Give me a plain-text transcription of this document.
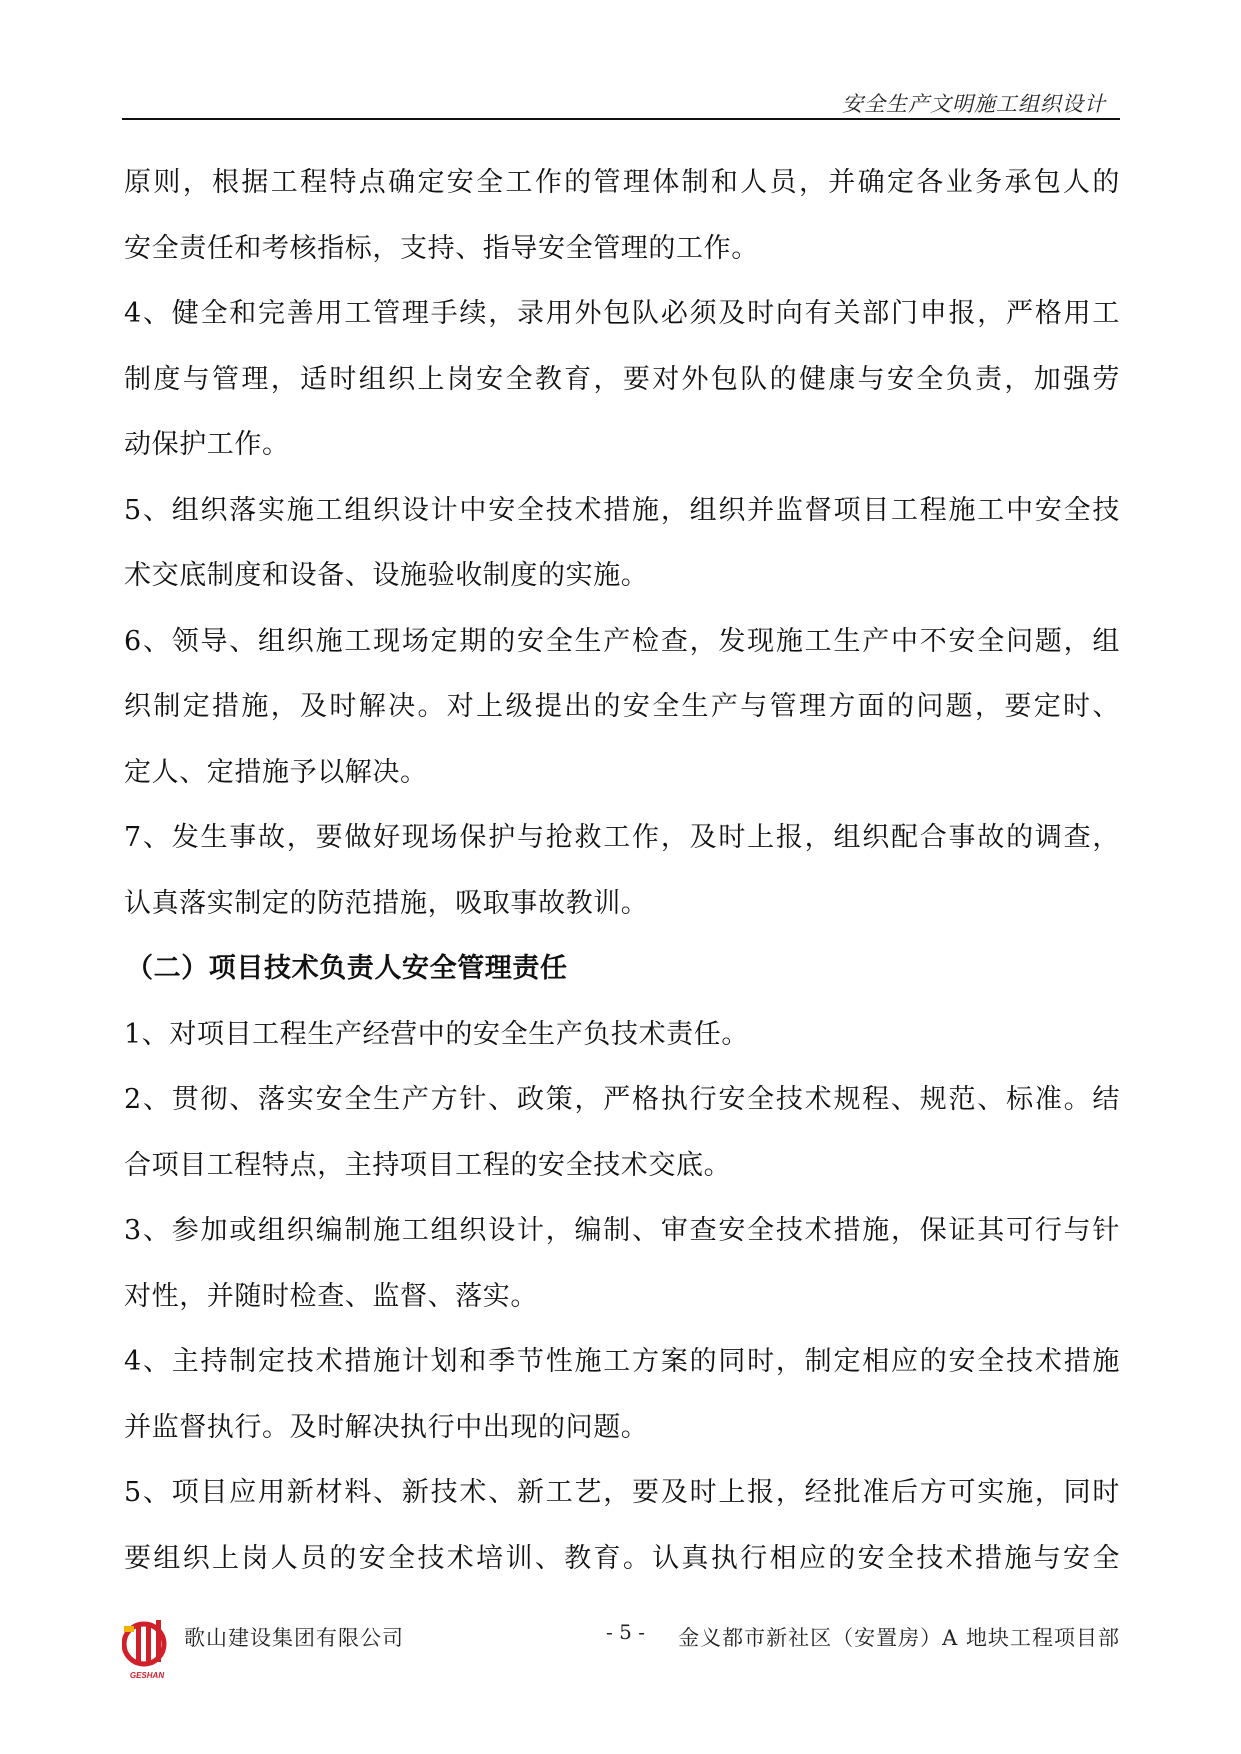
安全生产文明施工组织设计
原则，根据工程特点确定安全工作的管理体制和人员，并确定各业务承包人的
安全责任和考核指标，支持、指导安全管理的工作。
4、健全和完善用工管理手续，录用外包队必须及时向有关部门申报，严格用工
制度与管理，适时组织上岗安全教育，要对外包队的健康与安全负责，加强劳
动保护工作。
5、组织落实施工组织设计中安全技术措施，组织并监督项目工程施工中安全技
术交底制度和设备、设施验收制度的实施。
6、领导、组织施工现场定期的安全生产检查，发现施工生产中不安全问题，组
织制定措施，及时解决。对上级提出的安全生产与管理方面的问题，要定时、
定人、定措施予以解决。
7、发生事故，要做好现场保护与抢救工作，及时上报，组织配合事故的调查，
认真落实制定的防范措施，吸取事故教训。
（二）项目技术负责人安全管理责任
1、对项目工程生产经营中的安全生产负技术责任。
2、贯彻、落实安全生产方针、政策，严格执行安全技术规程、规范、标准。结
合项目工程特点，主持项目工程的安全技术交底。
3、参加或组织编制施工组织设计，编制、审查安全技术措施，保证其可行与针
对性，并随时检查、监督、落实。
4、主持制定技术措施计划和季节性施工方案的同时，制定相应的安全技术措施
并监督执行。及时解决执行中出现的问题。
5、项目应用新材料、新技术、新工艺，要及时上报，经批准后方可实施，同时
要组织上岗人员的安全技术培训、教育。认真执行相应的安全技术措施与安全
GESHAN
歌山建设集团有限公司	- 5 - 金义都市新社区（安置房）A 地块工程项目部
